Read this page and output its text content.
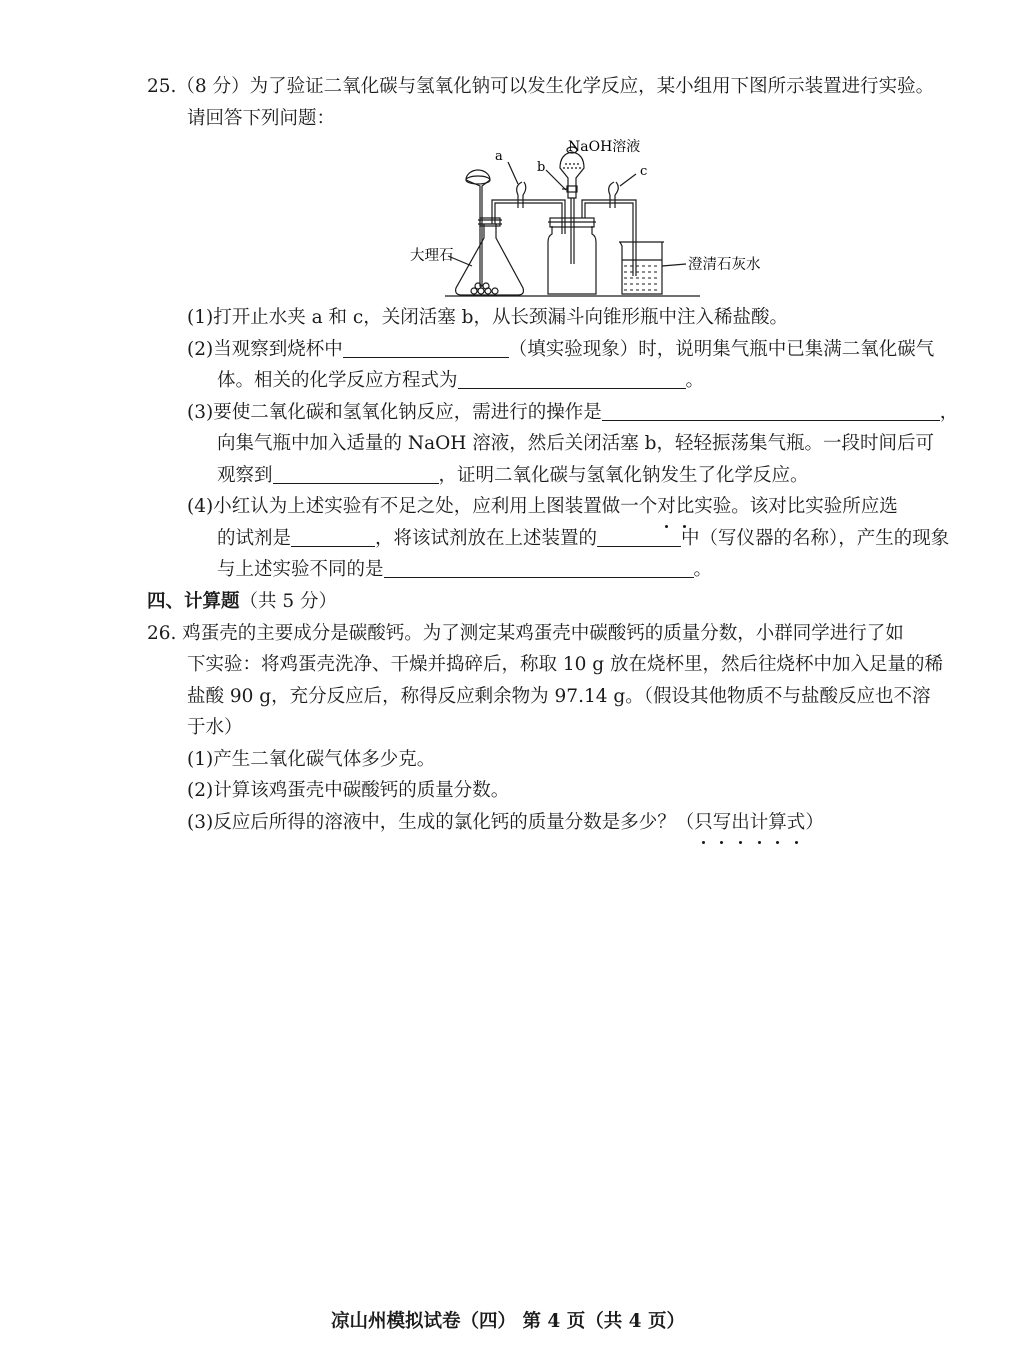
25.（8 分）为了验证二氧化碳与氢氧化钠可以发生化学反应，某小组用下图所示装置进行实验。
请回答下列问题：
NaOH溶液
a
b	c
大理石
澄清石灰水
(1)打开止水夹 a 和 c，关闭活塞 b，从长颈漏斗向锥形瓶中注入稀盐酸。
(2)当观察到烧杯中	（填实验现象）时，说明集气瓶中已集满二氧化碳气
体。相关的化学反应方程式为	。
(3)要使二氧化碳和氢氧化钠反应，需进行的操作是	，
向集气瓶中加入适量的 NaOH 溶液，然后关闭活塞 b，轻轻振荡集气瓶。一段时间后可
观察到	，证明二氧化碳与氢氧化钠发生了化学反应。
(4)小红认为上述实验有不足之处，应利用上图装置做一个对比实验。该对比实验所应选
的试剂是	，将该试剂放在上述装置的	中（写仪器的名称），产生的现象
与上述实验不同的是	。
四、计算题（共 5 分）
26. 鸡蛋壳的主要成分是碳酸钙。为了测定某鸡蛋壳中碳酸钙的质量分数，小群同学进行了如
下实验：将鸡蛋壳洗净、干燥并捣碎后，称取 10 g 放在烧杯里，然后往烧杯中加入足量的稀
盐酸 90 g，充分反应后，称得反应剩余物为 97.14 g。（假设其他物质不与盐酸反应也不溶
于水）
(1)产生二氧化碳气体多少克。
(2)计算该鸡蛋壳中碳酸钙的质量分数。
(3)反应后所得的溶液中，生成的氯化钙的质量分数是多少？（只写出计算式）
凉山州模拟试卷（四） 第 4 页（共 4 页）
